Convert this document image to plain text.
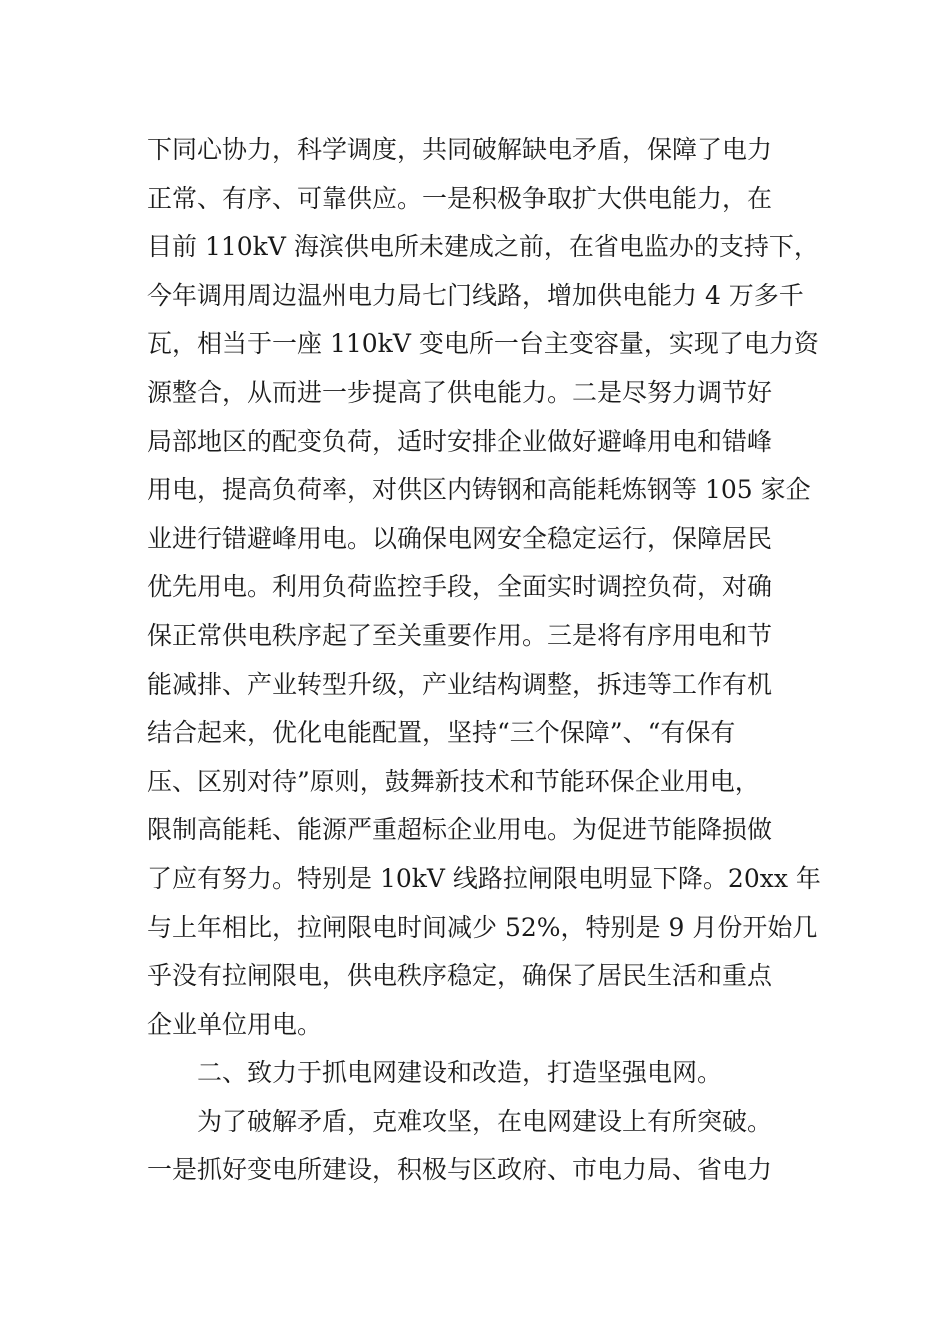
下同心协力，科学调度，共同破解缺电矛盾，保障了电力
正常、有序、可靠供应。一是积极争取扩大供电能力，在
目前 110kV 海滨供电所未建成之前，在省电监办的支持下，
今年调用周边温州电力局七门线路，增加供电能力 4 万多千
瓦，相当于一座 110kV 变电所一台主变容量，实现了电力资
源整合，从而进一步提高了供电能力。二是尽努力调节好
局部地区的配变负荷，适时安排企业做好避峰用电和错峰
用电，提高负荷率，对供区内铸钢和高能耗炼钢等 105 家企
业进行错避峰用电。以确保电网安全稳定运行，保障居民
优先用电。利用负荷监控手段，全面实时调控负荷，对确
保正常供电秩序起了至关重要作用。三是将有序用电和节
能减排、产业转型升级，产业结构调整，拆违等工作有机
结合起来，优化电能配置，坚持“三个保障”、“有保有
压、区别对待”原则，鼓舞新技术和节能环保企业用电，
限制高能耗、能源严重超标企业用电。为促进节能降损做
了应有努力。特别是 10kV 线路拉闸限电明显下降。20xx 年
与上年相比，拉闸限电时间减少 52%，特别是 9 月份开始几
乎没有拉闸限电，供电秩序稳定，确保了居民生活和重点
企业单位用电。
二、致力于抓电网建设和改造，打造坚强电网。
为了破解矛盾，克难攻坚，在电网建设上有所突破。
一是抓好变电所建设，积极与区政府、市电力局、省电力
